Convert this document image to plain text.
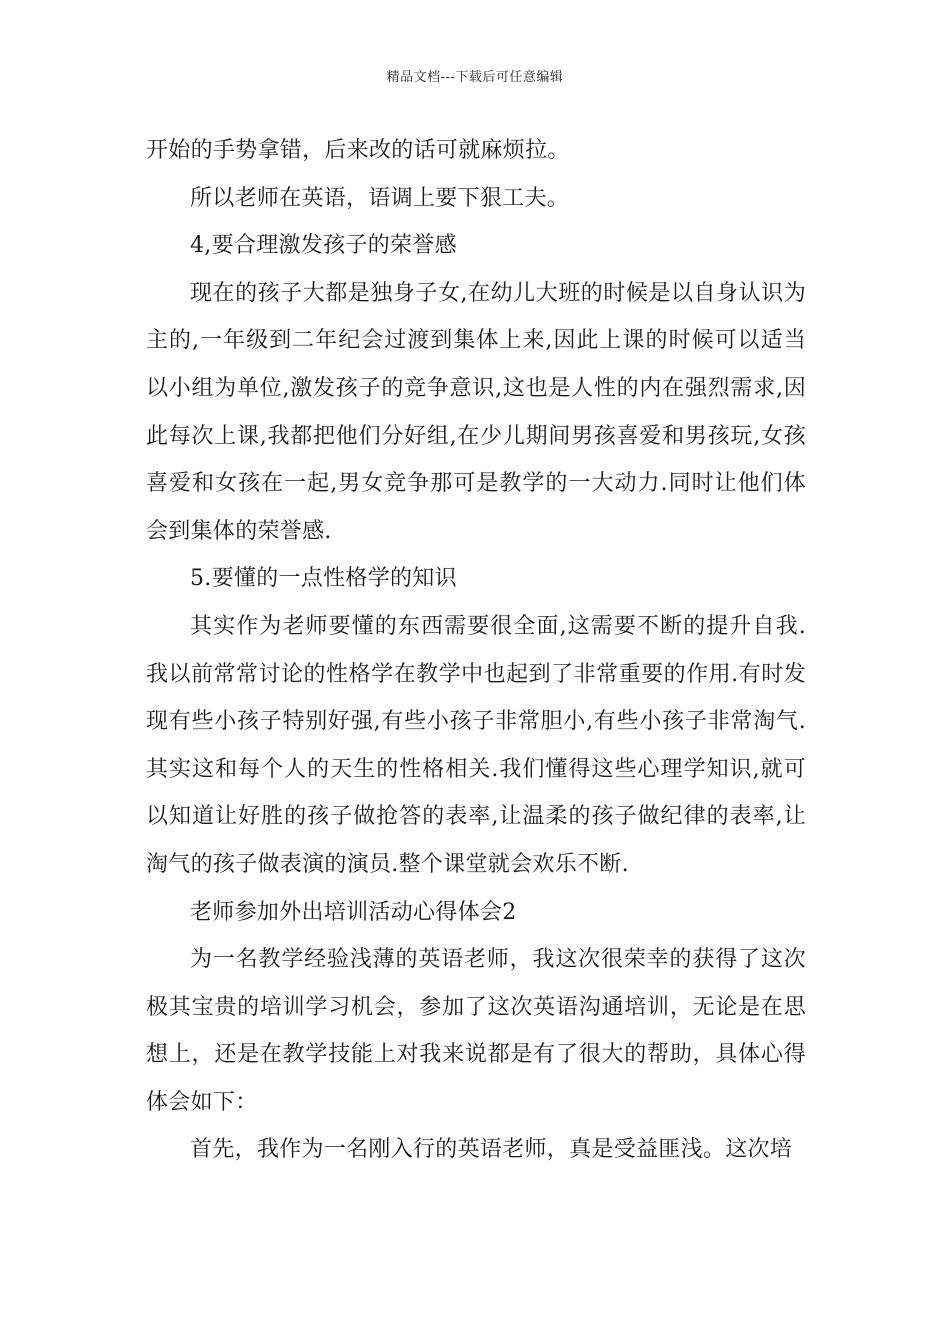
精品文档---下载后可任意编辑

开始的手势拿错，后来改的话可就麻烦拉。

所以老师在英语，语调上要下狠工夫。

4,要合理激发孩子的荣誉感

现在的孩子大都是独身子女,在幼儿大班的时候是以自身认识为主的,一年级到二年纪会过渡到集体上来,因此上课的时候可以适当以小组为单位,激发孩子的竞争意识,这也是人性的内在强烈需求,因此每次上课,我都把他们分好组,在少儿期间男孩喜爱和男孩玩,女孩喜爱和女孩在一起,男女竞争那可是教学的一大动力.同时让他们体会到集体的荣誉感.

5.要懂的一点性格学的知识

其实作为老师要懂的东西需要很全面,这需要不断的提升自我.我以前常常讨论的性格学在教学中也起到了非常重要的作用.有时发现有些小孩子特别好强,有些小孩子非常胆小,有些小孩子非常淘气.其实这和每个人的天生的性格相关.我们懂得这些心理学知识,就可以知道让好胜的孩子做抢答的表率,让温柔的孩子做纪律的表率,让淘气的孩子做表演的演员.整个课堂就会欢乐不断.

老师参加外出培训活动心得体会2

为一名教学经验浅薄的英语老师，我这次很荣幸的获得了这次极其宝贵的培训学习机会，参加了这次英语沟通培训，无论是在思想上，还是在教学技能上对我来说都是有了很大的帮助，具体心得体会如下：

首先，我作为一名刚入行的英语老师，真是受益匪浅。这次培
